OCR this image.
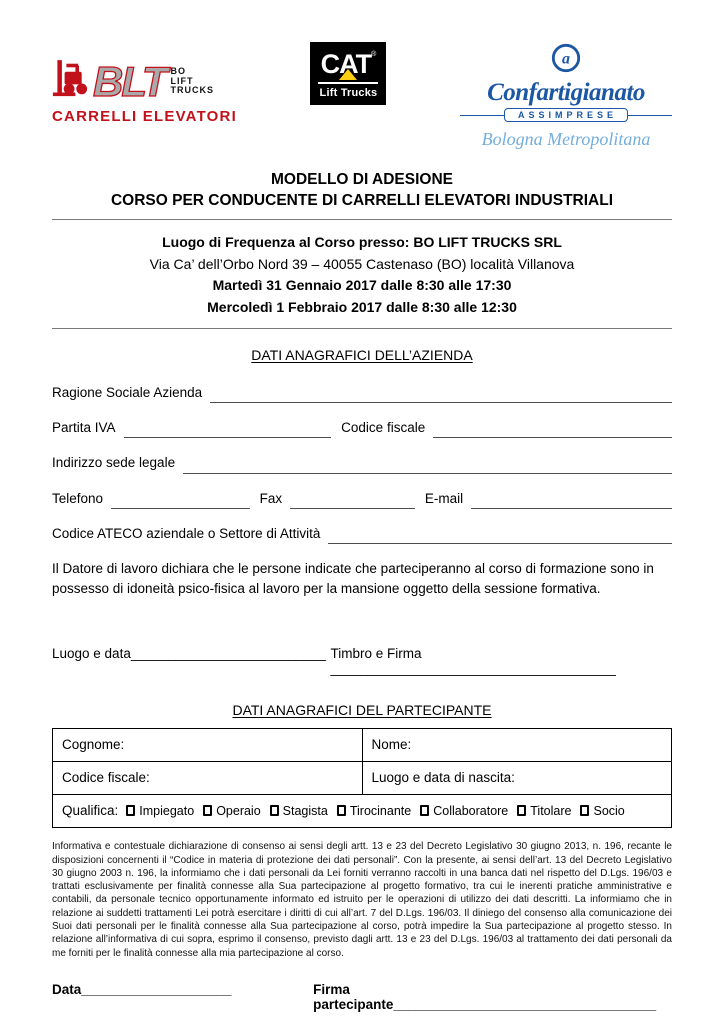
BLT BO
LIFT
TRUCKS
CARRELLI ELEVATORI
CAT®
Lift Trucks
a
Confartigianato
ASSIMPRESE
Bologna Metropolitana
MODELLO DI ADESIONE
CORSO PER CONDUCENTE DI CARRELLI ELEVATORI INDUSTRIALI
Luogo di Frequenza al Corso presso: BO LIFT TRUCKS SRL
Via Ca’ dell’Orbo Nord 39 – 40055 Castenaso (BO) località Villanova
Martedì 31 Gennaio 2017 dalle 8:30 alle 17:30
Mercoledì 1 Febbraio 2017 dalle 8:30 alle 12:30
DATI ANAGRAFICI DELL’AZIENDA
Ragione Sociale Azienda
Partita IVA	Codice fiscale
Indirizzo sede legale
Telefono	Fax	E-mail
Codice ATECO aziendale o Settore di Attività
Il Datore di lavoro dichiara che le persone indicate che parteciperanno al corso di formazione sono in possesso di idoneità psico-fisica al lavoro per la mansione oggetto della sessione formativa.
Luogo e data__________________________ Timbro e Firma ______________________________________
DATI ANAGRAFICI DEL PARTECIPANTE
Cognome:	Nome:
Codice fiscale:	Luogo e data di nascita:

Qualifica: Impiegato Operaio Stagista Tirocinante Collaboratore Titolare Socio
Informativa e contestuale dichiarazione di consenso ai sensi degli artt. 13 e 23 del Decreto Legislativo 30 giugno 2013, n. 196, recante le disposizioni concernenti il “Codice in materia di protezione dei dati personali”. Con la presente, ai sensi dell’art. 13 del Decreto Legislativo 30 giugno 2003 n. 196, la informiamo che i dati personali da Lei forniti verranno raccolti in una banca dati nel rispetto del D.Lgs. 196/03 e trattati esclusivamente per finalità connesse alla Sua partecipazione al progetto formativo, tra cui le inerenti pratiche amministrative e contabili, da personale tecnico opportunamente informato ed istruito per le operazioni di utilizzo dei dati descritti. La informiamo che in relazione ai suddetti trattamenti Lei potrà esercitare i diritti di cui all’art. 7 del D.Lgs. 196/03. Il diniego del consenso alla comunicazione dei Suoi dati personali per le finalità connesse alla Sua partecipazione al corso, potrà impedire la Sua partecipazione al progetto stesso. In relazione all’informativa di cui sopra, esprimo il consenso, previsto dagli artt. 13 e 23 del D.Lgs. 196/03 al trattamento dei dati personali da me forniti per le finalità connesse alla mia partecipazione al corso.
Data____________________	Firma partecipante___________________________________
